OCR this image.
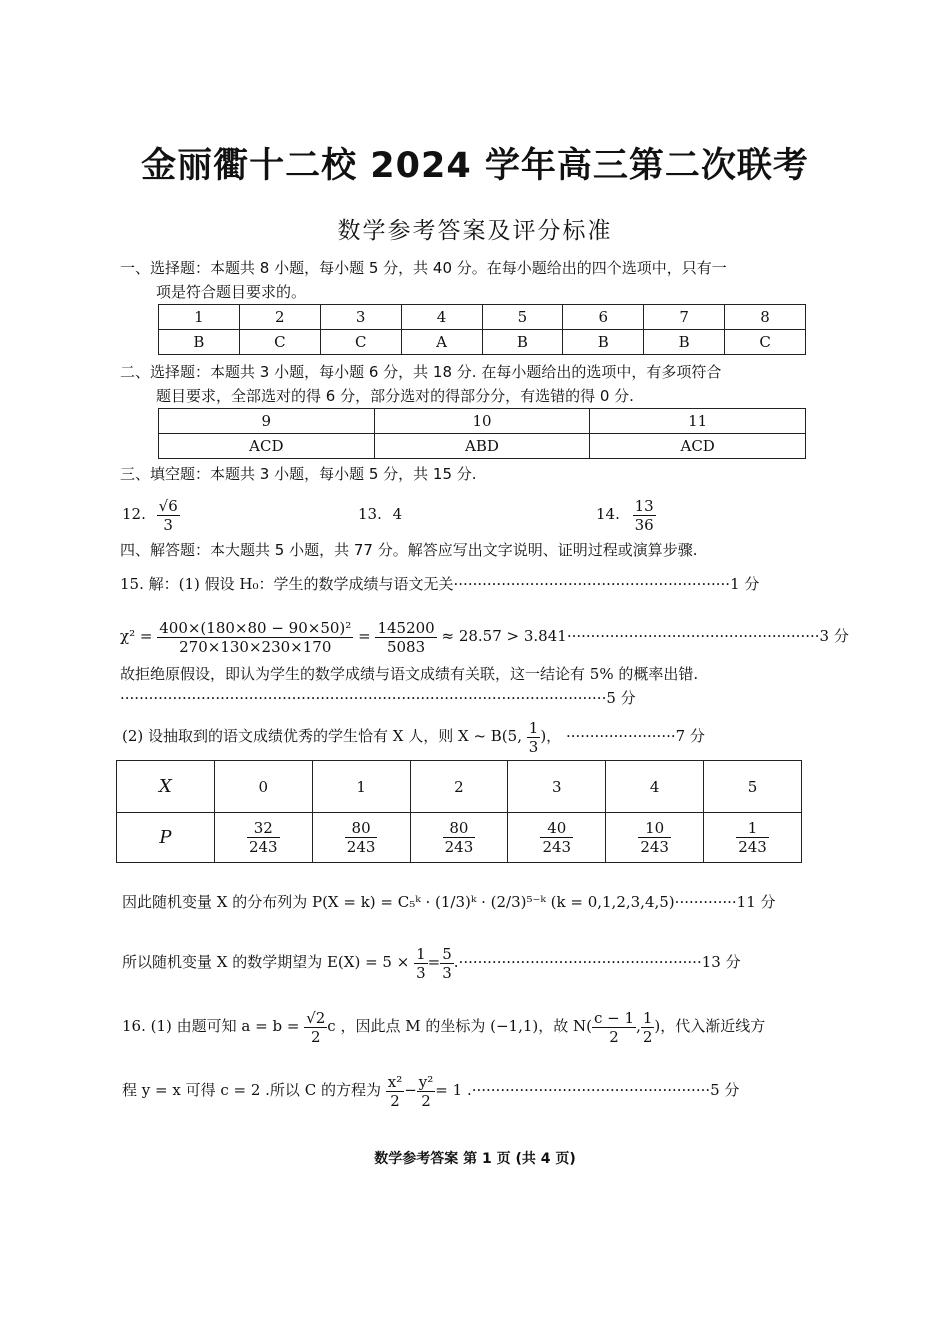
金丽衢十二校 2024 学年高三第二次联考
数学参考答案及评分标准
一、选择题：本题共 8 小题，每小题 5 分，共 40 分。在每小题给出的四个选项中，只有一
项是符合题目要求的。
1	2	3	4	5	6	7	8
B	C	C	A	B	B	B	C
二、选择题：本题共 3 小题，每小题 6 分，共 18 分. 在每小题给出的选项中，有多项符合
题目要求，全部选对的得 6 分，部分选对的得部分分，有选错的得 0 分.
9	10	11
ACD	ABD	ACD
三、填空题：本题共 3 小题，每小题 5 分，共 15 分.
12. $\frac{√6}{3}$	13. 4	14. $\frac{13}{36}$
四、解答题：本大题共 5 小题，共 77 分。解答应写出文字说明、证明过程或演算步骤.
15. 解：(1) 假设 H₀：学生的数学成绩与语文无关··························································1 分
$\chi^2 = \frac{\text{400×(180×80 − 90×50)²}}{270\times 130\times 230\times 170} = \frac{145200}{5083} \approx 28.57 > 3.841\cdot\cdot\cdot\cdot\cdot\cdot\cdot\cdot\cdot\cdot\cdot\cdot\cdot\cdot\cdot\cdot\cdot\cdot\cdot\cdot\cdot\cdot\cdot\cdot\cdot\cdot\cdot\cdot\cdot\cdot\cdot\cdot\cdot\cdot\cdot\cdot\cdot\cdot\cdot\cdot\cdot\cdot\cdot\cdot\cdot\cdot\cdot\cdot\cdot\cdot\cdot\cdot\cdot 3$ 分
故拒绝原假设，即认为学生的数学成绩与语文成绩有关联，这一结论有 5% 的概率出错.
······································································································5 分
(2) 设抽取到的语文成绩优秀的学生恰有 X 人，则 X ~ B(5, $\frac{1}{3}$ )， ·······················7 分
X	0	1	2	3	4	5
P	$\frac{32}{243}$	$\frac{80}{243}$	$\frac{80}{243}$	$\frac{40}{243}$	$\frac{10}{243}$	$\frac{1}{243}$
因此随机变量 X 的分布列为 P(X = k) = C₅ᵏ · (1/3)ᵏ · (2/3)⁵⁻ᵏ (k = 0,1,2,3,4,5)·············11 分
所以随机变量 X 的数学期望为 $E(X) = 5 \times \frac{1}{3} = \frac{5}{3} .\cdot\cdot\cdot\cdot\cdot\cdot\cdot\cdot\cdot\cdot\cdot\cdot\cdot\cdot\cdot\cdot\cdot\cdot\cdot\cdot\cdot\cdot\cdot\cdot\cdot\cdot\cdot\cdot\cdot\cdot\cdot\cdot\cdot\cdot\cdot\cdot\cdot\cdot\cdot\cdot\cdot\cdot\cdot\cdot\cdot\cdot\cdot\cdot\cdot\cdot\cdot 13$ 分
16. (1) 由题可知 $a = b = \frac{√2}{2}$ c ，因此点 M 的坐标为 (−1,1)，故 $N( \frac{c - 1}{2}$ , $\frac{1}{2}$ )，代入渐近线方
程 y = x 可得 c = 2 .所以 C 的方程为 $\frac{\text{x²}}{2} - \frac{\text{y²}}{2} = 1$ .··················································5 分
数学参考答案 第 1 页 (共 4 页)
